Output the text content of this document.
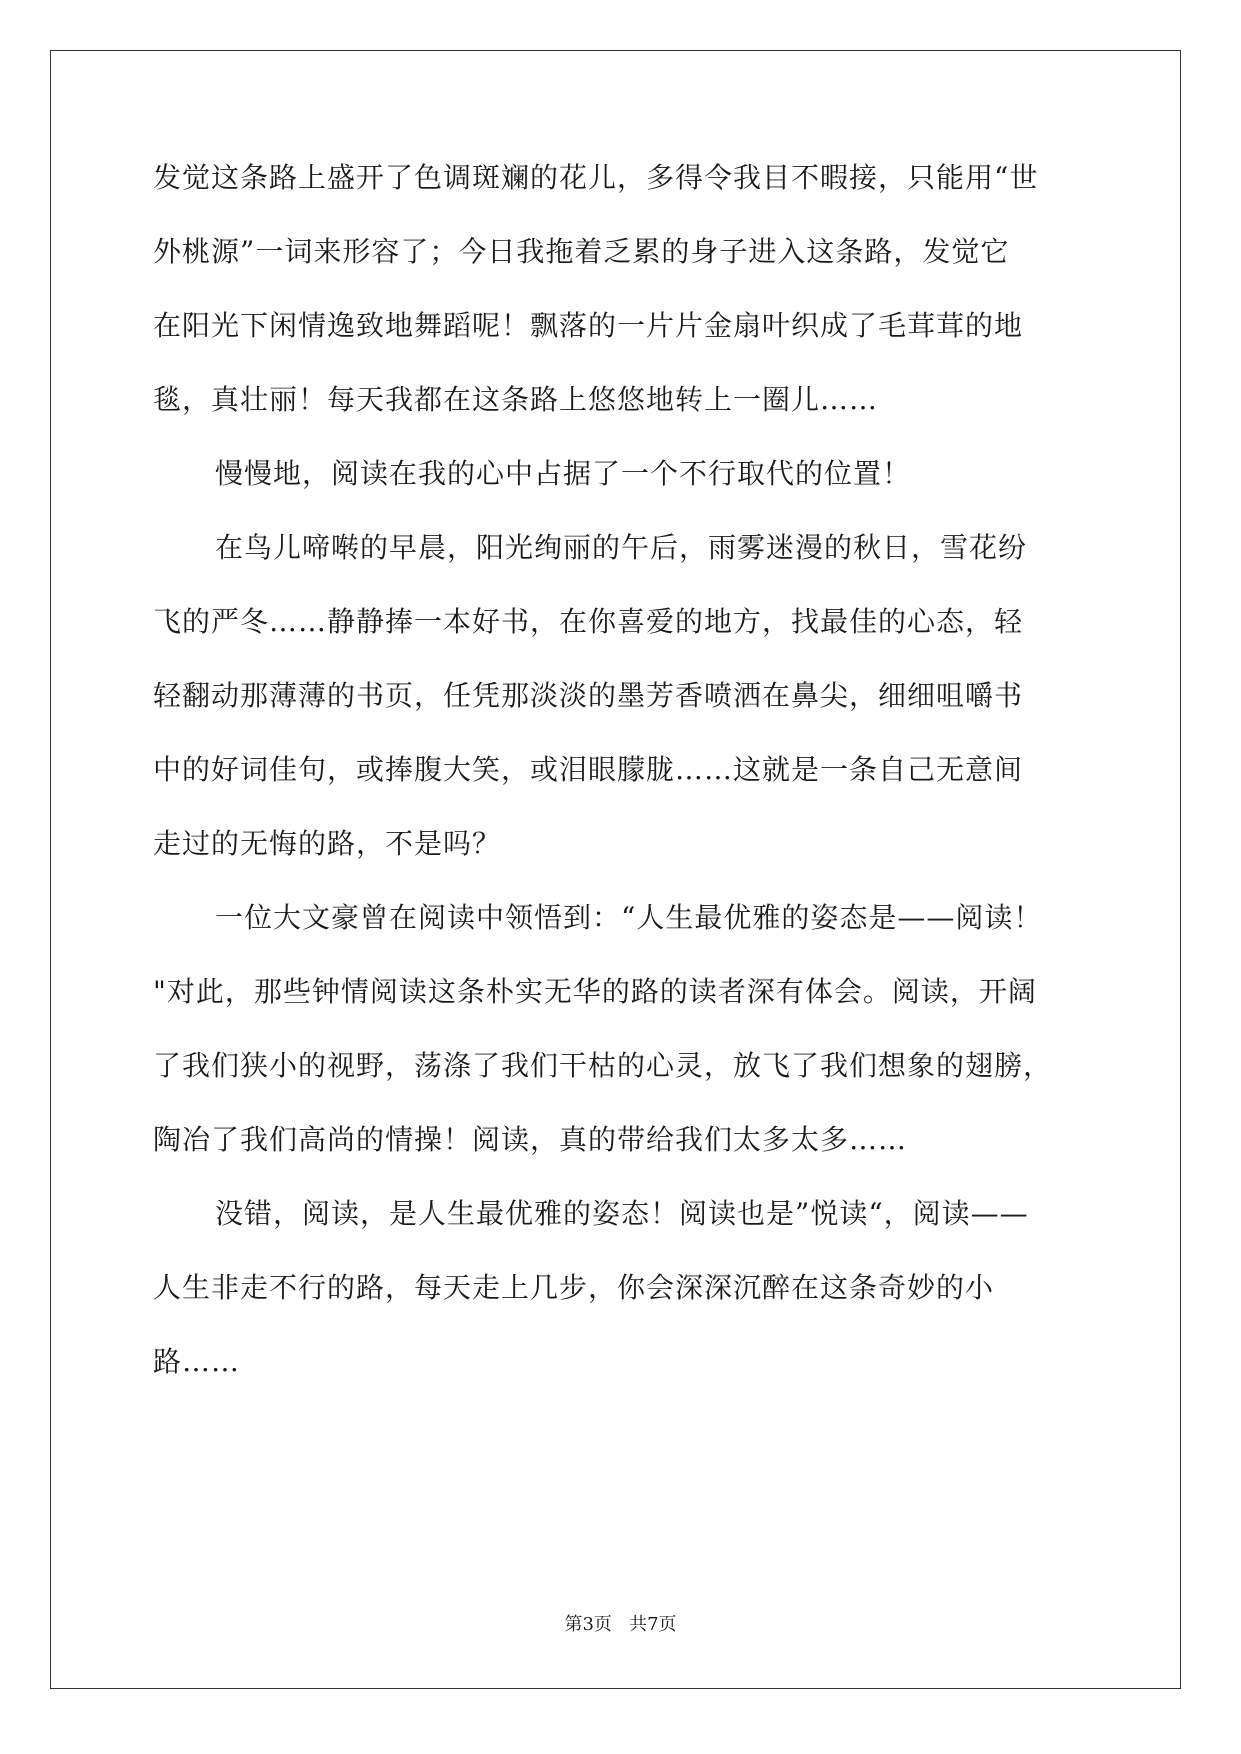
发觉这条路上盛开了色调斑斓的花儿，多得令我目不暇接，只能用“世
外桃源”一词来形容了；今日我拖着乏累的身子进入这条路，发觉它
在阳光下闲情逸致地舞蹈呢！飘落的一片片金扇叶织成了毛茸茸的地
毯，真壮丽！每天我都在这条路上悠悠地转上一圈儿……
慢慢地，阅读在我的心中占据了一个不行取代的位置！
在鸟儿啼啭的早晨，阳光绚丽的午后，雨雾迷漫的秋日，雪花纷
飞的严冬……静静捧一本好书，在你喜爱的地方，找最佳的心态，轻
轻翻动那薄薄的书页，任凭那淡淡的墨芳香喷洒在鼻尖，细细咀嚼书
中的好词佳句，或捧腹大笑，或泪眼朦胧……这就是一条自己无意间
走过的无悔的路，不是吗？
一位大文豪曾在阅读中领悟到：“人生最优雅的姿态是——阅读！
"对此，那些钟情阅读这条朴实无华的路的读者深有体会。阅读，开阔
了我们狭小的视野，荡涤了我们干枯的心灵，放飞了我们想象的翅膀，
陶冶了我们高尚的情操！阅读，真的带给我们太多太多……
没错，阅读，是人生最优雅的姿态！阅读也是”悦读“，阅读——
人生非走不行的路，每天走上几步，你会深深沉醉在这条奇妙的小
路……
第3页 共7页
